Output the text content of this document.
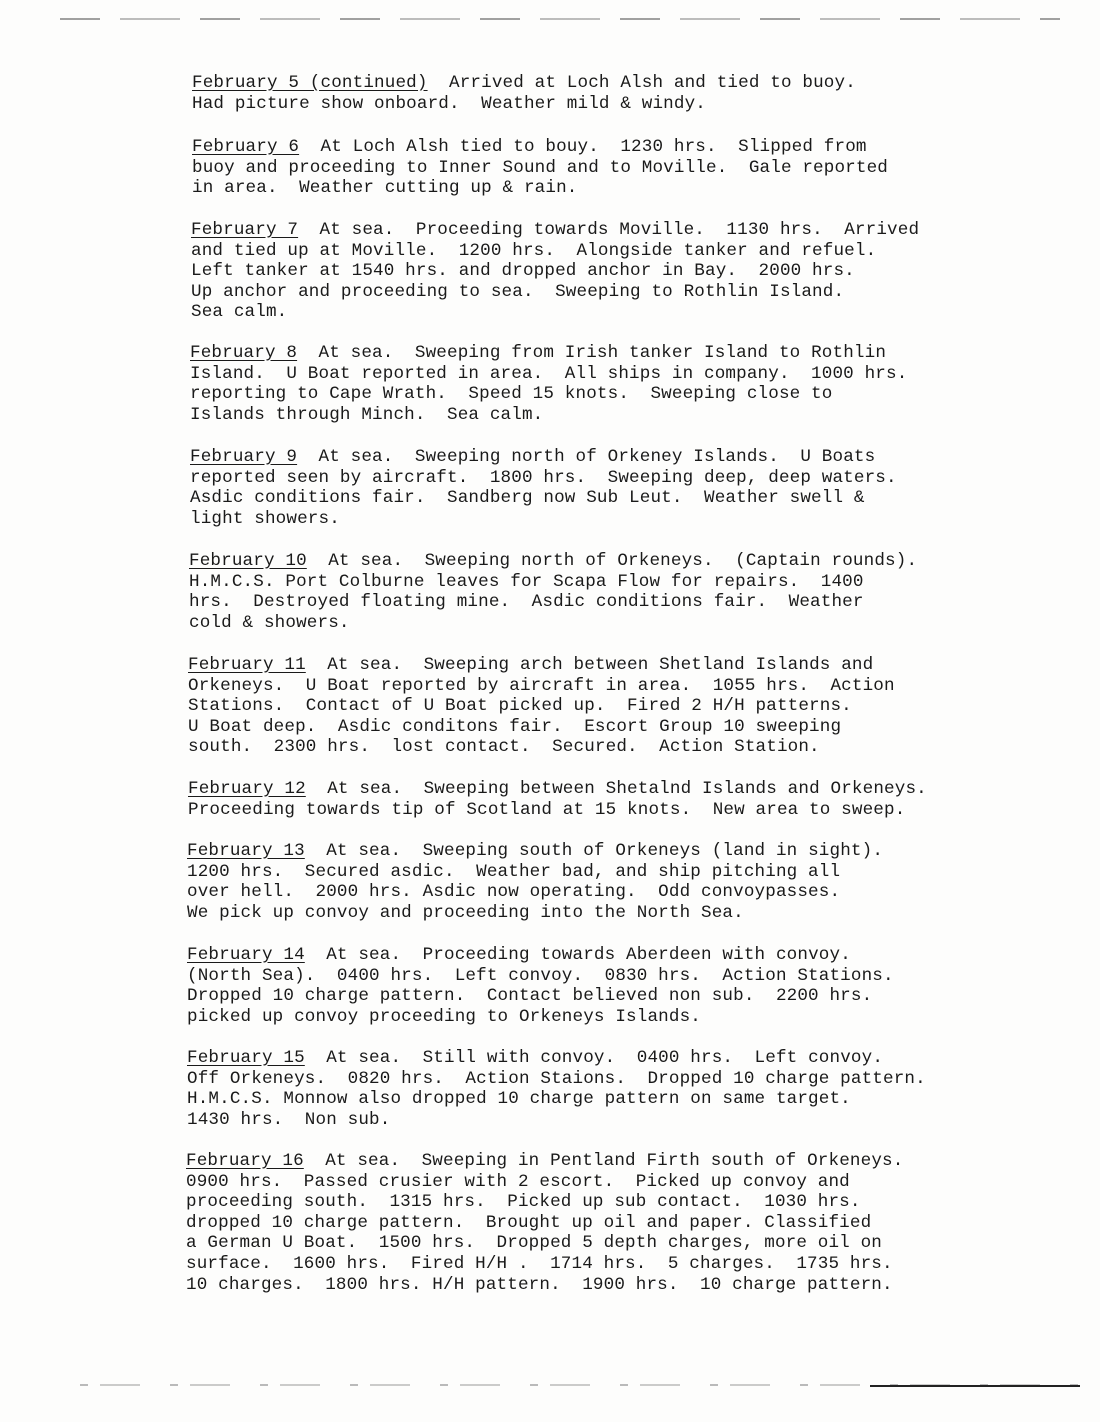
February 5 (continued)  Arrived at Loch Alsh and tied to buoy.
Had picture show onboard.  Weather mild & windy.

February 6  At Loch Alsh tied to bouy.  1230 hrs.  Slipped from
buoy and proceeding to Inner Sound and to Moville.  Gale reported
in area.  Weather cutting up & rain.

February 7  At sea.  Proceeding towards Moville.  1130 hrs.  Arrived
and tied up at Moville.  1200 hrs.  Alongside tanker and refuel.
Left tanker at 1540 hrs. and dropped anchor in Bay.  2000 hrs.
Up anchor and proceeding to sea.  Sweeping to Rothlin Island.
Sea calm.

February 8  At sea.  Sweeping from Irish tanker Island to Rothlin
Island.  U Boat reported in area.  All ships in company.  1000 hrs.
reporting to Cape Wrath.  Speed 15 knots.  Sweeping close to
Islands through Minch.  Sea calm.

February 9  At sea.  Sweeping north of Orkeney Islands.  U Boats
reported seen by aircraft.  1800 hrs.  Sweeping deep, deep waters.
Asdic conditions fair.  Sandberg now Sub Leut.  Weather swell &
light showers.

February 10  At sea.  Sweeping north of Orkeneys.  (Captain rounds).
H.M.C.S. Port Colburne leaves for Scapa Flow for repairs.  1400
hrs.  Destroyed floating mine.  Asdic conditions fair.  Weather
cold & showers.

February 11  At sea.  Sweeping arch between Shetland Islands and
Orkeneys.  U Boat reported by aircraft in area.  1055 hrs.  Action
Stations.  Contact of U Boat picked up.  Fired 2 H/H patterns.
U Boat deep.  Asdic conditons fair.  Escort Group 10 sweeping
south.  2300 hrs.  lost contact.  Secured.  Action Station.

February 12  At sea.  Sweeping between Shetalnd Islands and Orkeneys.
Proceeding towards tip of Scotland at 15 knots.  New area to sweep.

February 13  At sea.  Sweeping south of Orkeneys (land in sight).
1200 hrs.  Secured asdic.  Weather bad, and ship pitching all
over hell.  2000 hrs. Asdic now operating.  Odd convoypasses.
We pick up convoy and proceeding into the North Sea.

February 14  At sea.  Proceeding towards Aberdeen with convoy.
(North Sea).  0400 hrs.  Left convoy.  0830 hrs.  Action Stations.
Dropped 10 charge pattern.  Contact believed non sub.  2200 hrs.
picked up convoy proceeding to Orkeneys Islands.

February 15  At sea.  Still with convoy.  0400 hrs.  Left convoy.
Off Orkeneys.  0820 hrs.  Action Staions.  Dropped 10 charge pattern.
H.M.C.S. Monnow also dropped 10 charge pattern on same target.
1430 hrs.  Non sub.

February 16  At sea.  Sweeping in Pentland Firth south of Orkeneys.
0900 hrs.  Passed crusier with 2 escort.  Picked up convoy and
proceeding south.  1315 hrs.  Picked up sub contact.  1030 hrs.
dropped 10 charge pattern.  Brought up oil and paper. Classified
a German U Boat.  1500 hrs.  Dropped 5 depth charges, more oil on
surface.  1600 hrs.  Fired H/H .  1714 hrs.  5 charges.  1735 hrs.
10 charges.  1800 hrs. H/H pattern.  1900 hrs.  10 charge pattern.
